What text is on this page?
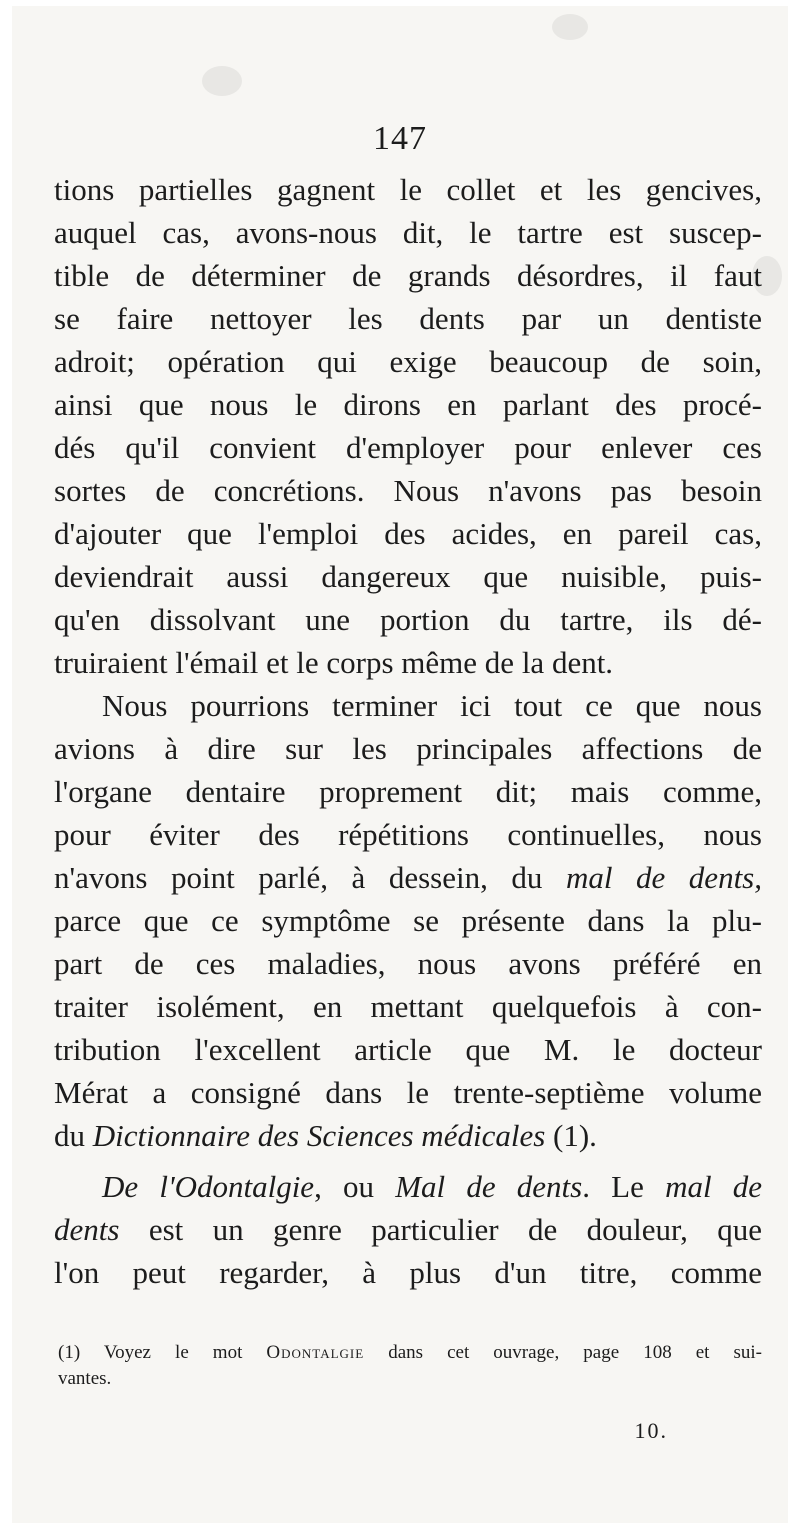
147
tions partielles gagnent le collet et les gencives,
auquel cas, avons-nous dit, le tartre est suscep-
tible de déterminer de grands désordres, il faut
se faire nettoyer les dents par un dentiste
adroit; opération qui exige beaucoup de soin,
ainsi que nous le dirons en parlant des procé-
dés qu'il convient d'employer pour enlever ces
sortes de concrétions. Nous n'avons pas besoin
d'ajouter que l'emploi des acides, en pareil cas,
deviendrait aussi dangereux que nuisible, puis-
qu'en dissolvant une portion du tartre, ils dé-
truiraient l'émail et le corps même de la dent.
Nous pourrions terminer ici tout ce que nous
avions à dire sur les principales affections de
l'organe dentaire proprement dit; mais comme,
pour éviter des répétitions continuelles, nous
n'avons point parlé, à dessein, du mal de dents,
parce que ce symptôme se présente dans la plu-
part de ces maladies, nous avons préféré en
traiter isolément, en mettant quelquefois à con-
tribution l'excellent article que M. le docteur
Mérat a consigné dans le trente-septième volume
du Dictionnaire des Sciences médicales (1).
De l'Odontalgie, ou Mal de dents. Le mal de
dents est un genre particulier de douleur, que
l'on peut regarder, à plus d'un titre, comme
(1) Voyez le mot Odontalgie dans cet ouvrage, page 108 et sui-
vantes.
10.
